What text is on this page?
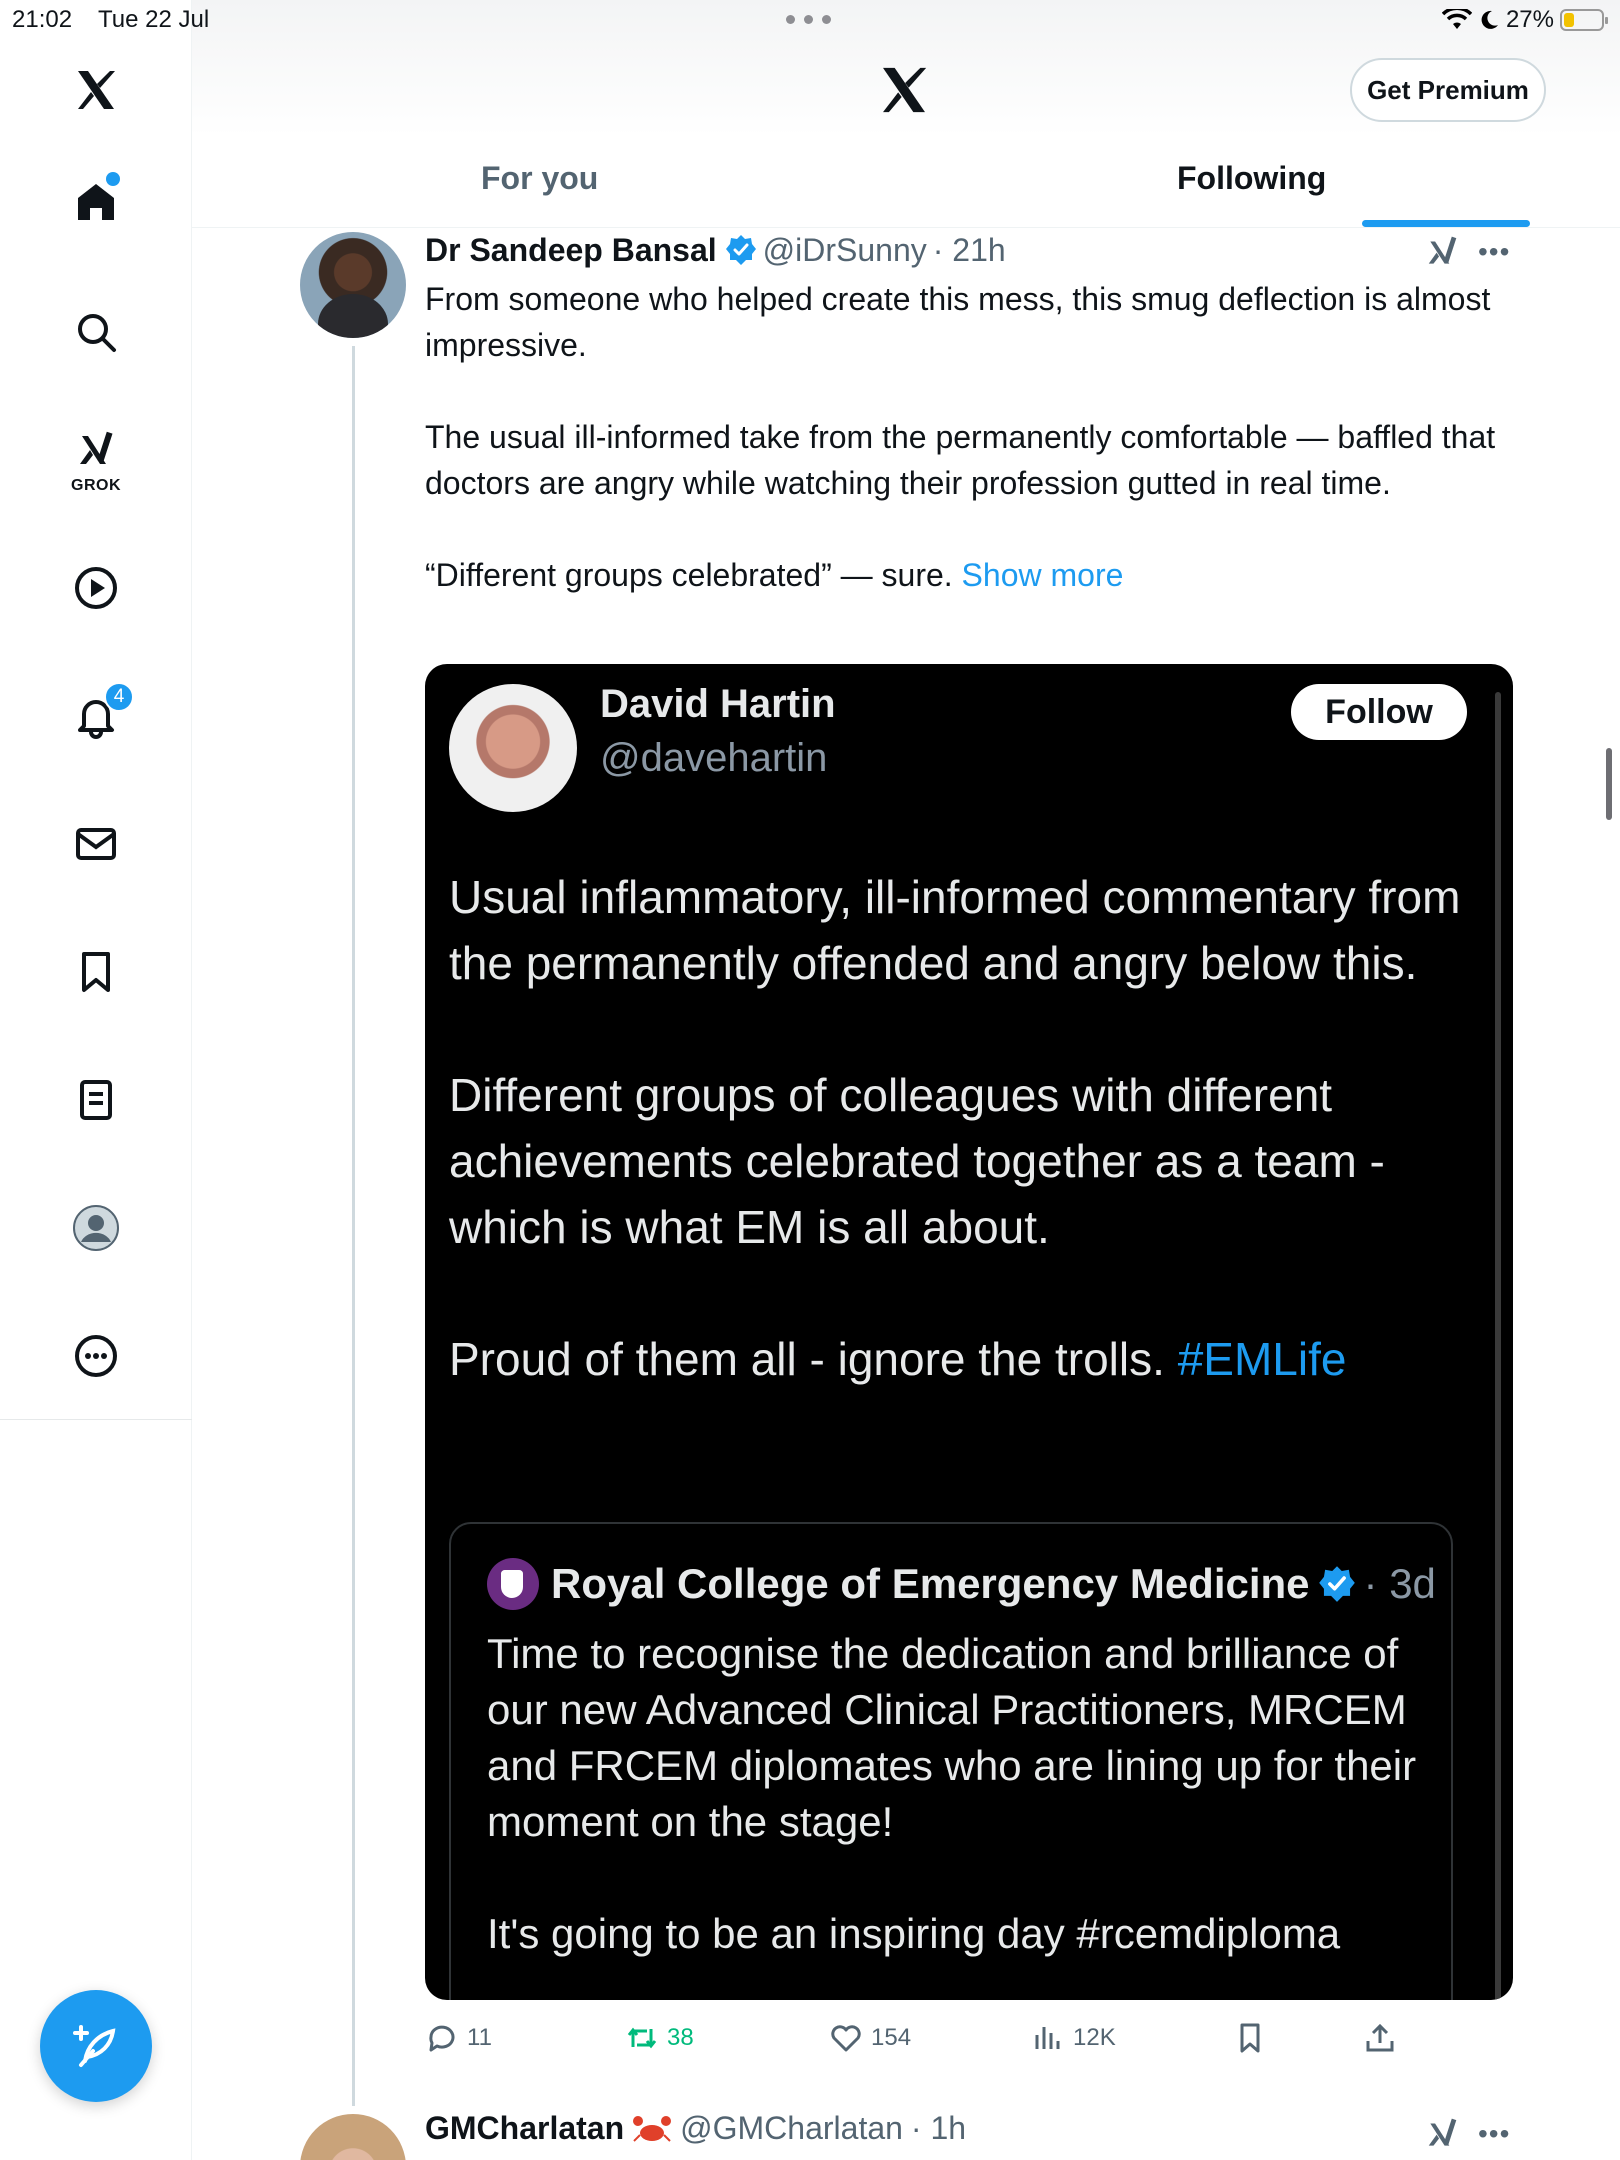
21:02 Tue 22 Jul	27%
GROK
4
Get Premium
For you	Following
Dr Sandeep Bansal @iDrSunny · 21h	•••

From someone who helped create this mess, this smug deflection is almost impressive.

The usual ill-informed take from the permanently comfortable — baffled that doctors are angry while watching their profession gutted in real time.

“Different groups celebrated” — sure. Show more
David Hartin
@davehartin
Follow

Usual inflammatory, ill-informed commentary from the permanently offended and angry below this.

Different groups of colleagues with different achievements celebrated together as a team - which is what EM is all about.

Proud of them all - ignore the trolls. #EMLife
Royal College of Emergency Medicine · 3d

Time to recognise the dedication and brilliance of our new Advanced Clinical Practitioners, MRCEM and FRCEM diplomates who are lining up for their moment on the stage!

It's going to be an inspiring day #rcemdiploma

11	38	154	12K
GMCharlatan @GMCharlatan · 1h	•••
